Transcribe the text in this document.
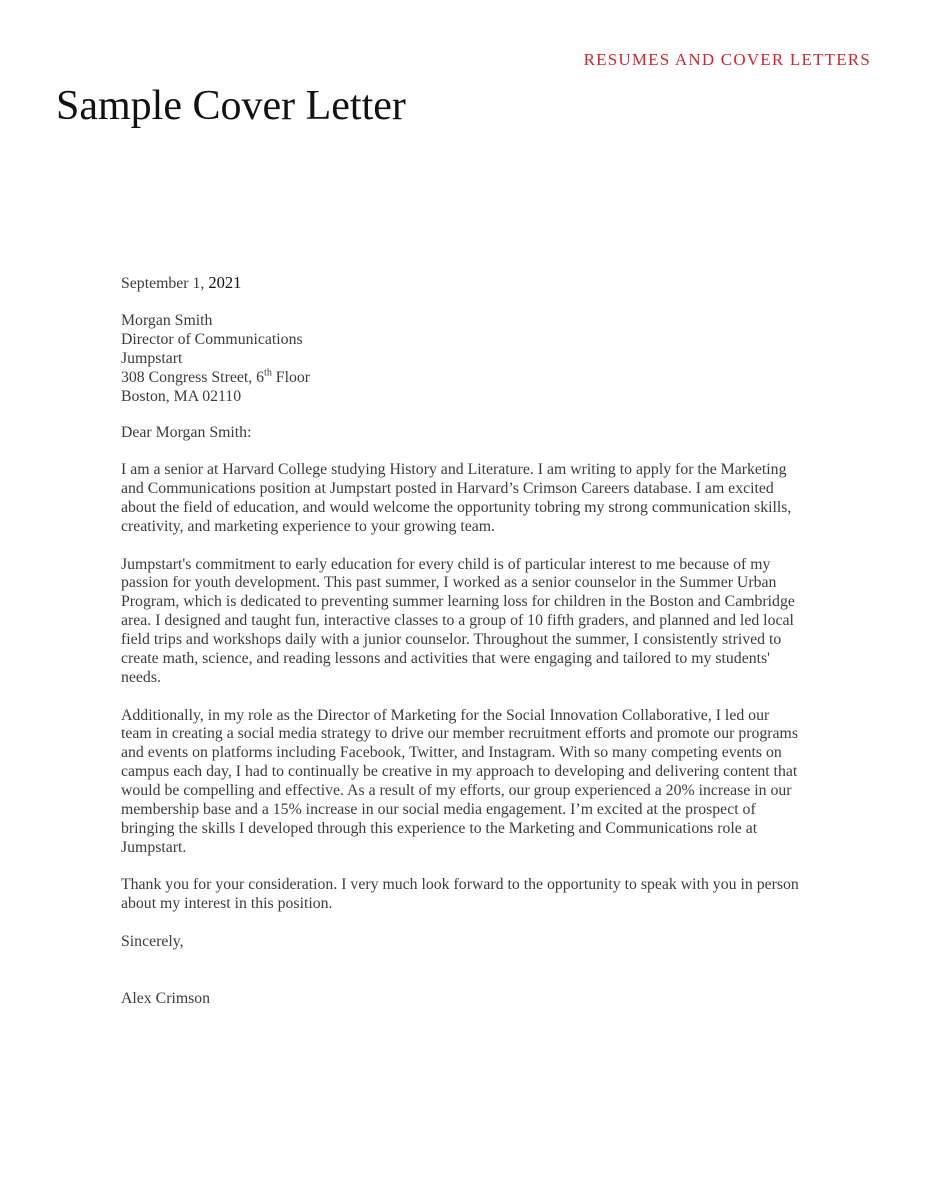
RESUMES AND COVER LETTERS
Sample Cover Letter

September 1, 2021

Morgan Smith
Director of Communications
Jumpstart
308 Congress Street, 6th Floor
Boston, MA 02110

Dear Morgan Smith:

I am a senior at Harvard College studying History and Literature. I am writing to apply for the Marketing and Communications position at Jumpstart posted in Harvard’s Crimson Careers database. I am excited about the field of education, and would welcome the opportunity tobring my strong communication skills, creativity, and marketing experience to your growing team.

Jumpstart's commitment to early education for every child is of particular interest to me because of my passion for youth development. This past summer, I worked as a senior counselor in the Summer Urban Program, which is dedicated to preventing summer learning loss for children in the Boston and Cambridge area. I designed and taught fun, interactive classes to a group of 10 fifth graders, and planned and led local field trips and workshops daily with a junior counselor. Throughout the summer, I consistently strived to create math, science, and reading lessons and activities that were engaging and tailored to my students' needs.

Additionally, in my role as the Director of Marketing for the Social Innovation Collaborative, I led our team in creating a social media strategy to drive our member recruitment efforts and promote our programs and events on platforms including Facebook, Twitter, and Instagram. With so many competing events on campus each day, I had to continually be creative in my approach to developing and delivering content that would be compelling and effective. As a result of my efforts, our group experienced a 20% increase in our membership base and a 15% increase in our social media engagement. I’m excited at the prospect of bringing the skills I developed through this experience to the Marketing and Communications role at Jumpstart.

Thank you for your consideration. I very much look forward to the opportunity to speak with you in person about my interest in this position.

Sincerely,

Alex Crimson
